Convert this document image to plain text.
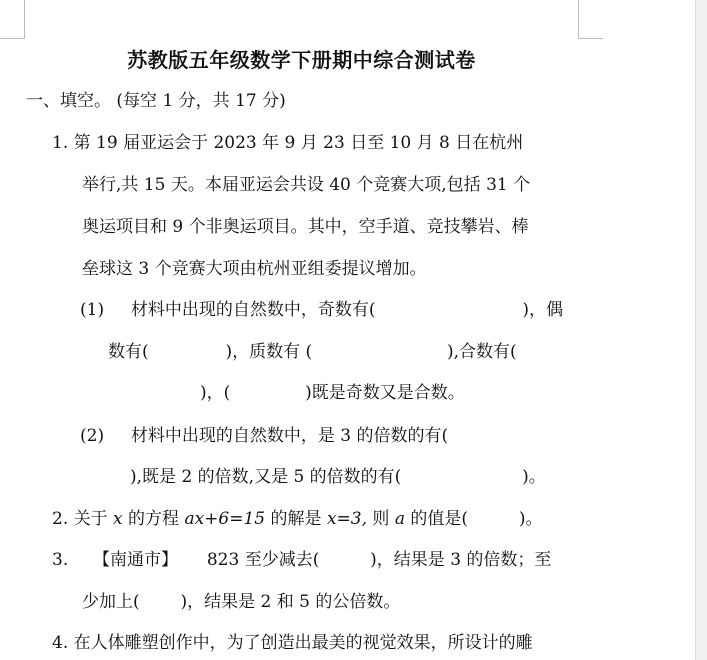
苏教版五年级数学下册期中综合测试卷
一、填空。 (每空 1 分，共 17 分)
1. 第 19 届亚运会于 2023 年 9 月 23 日至 10 月 8 日在杭州
举行,共 15 天。本届亚运会共设 40 个竞赛大项,包括 31 个
奥运项目和 9 个非奥运项目。其中，空手道、竞技攀岩、棒
垒球这 3 个竞赛大项由杭州亚组委提议增加。
(1) 材料中出现的自然数中，奇数有(	)，偶
数有(	)，质数有 (	),合数有(
)，(	)既是奇数又是合数。
(2) 材料中出现的自然数中，是 3 的倍数的有(
),既是 2 的倍数,又是 5 的倍数的有(	)。
2. 关于 x 的方程 ax+6=15 的解是 x=3, 则 a 的值是(	)。
3. 【南通市】 823 至少减去(	)，结果是 3 的倍数；至
少加上( )，结果是 2 和 5 的公倍数。
4. 在人体雕塑创作中，为了创造出最美的视觉效果，所设计的雕
